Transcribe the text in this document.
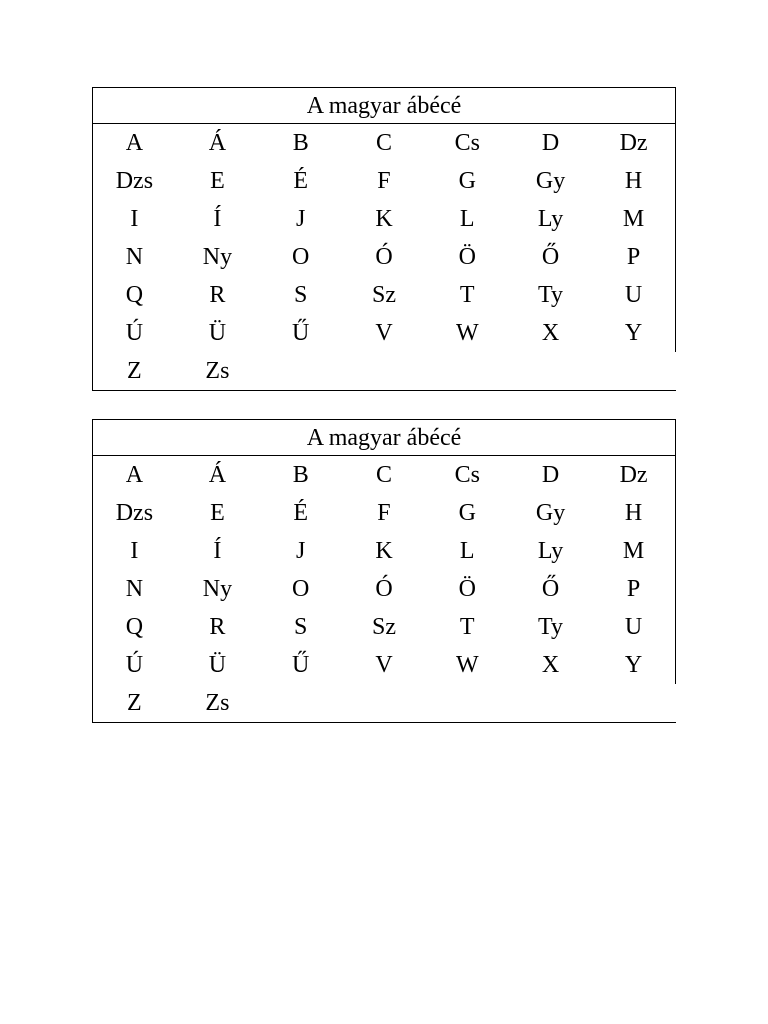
A magyar ábécé
A	Á	B	C	Cs	D	Dz
Dzs	E	É	F	G	Gy	H
I	Í	J	K	L	Ly	M
N	Ny	O	Ó	Ö	Ő	P
Q	R	S	Sz	T	Ty	U
Ú	Ü	Ű	V	W	X	Y
Z	Zs					
A magyar ábécé
A	Á	B	C	Cs	D	Dz
Dzs	E	É	F	G	Gy	H
I	Í	J	K	L	Ly	M
N	Ny	O	Ó	Ö	Ő	P
Q	R	S	Sz	T	Ty	U
Ú	Ü	Ű	V	W	X	Y
Z	Zs					
